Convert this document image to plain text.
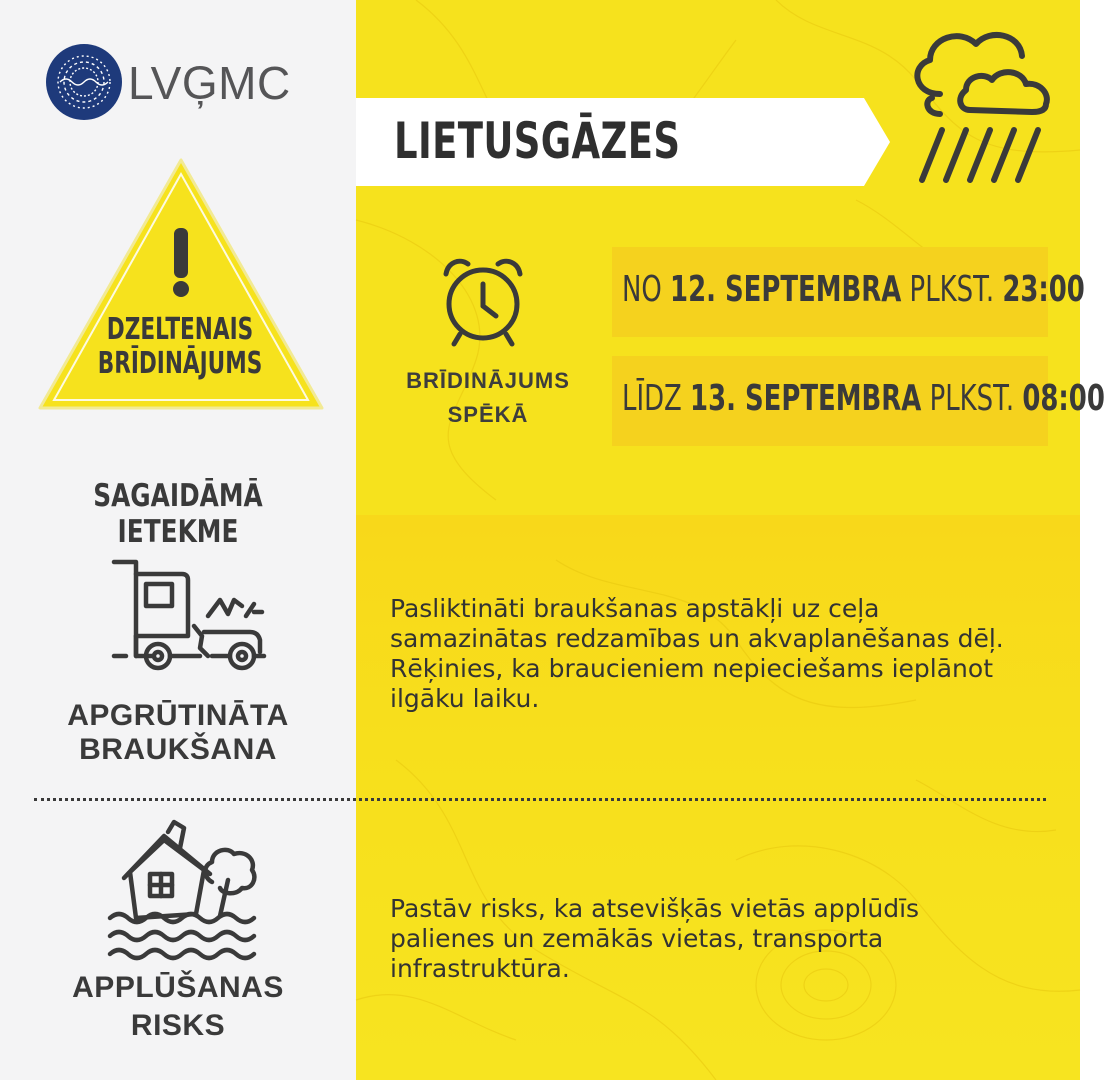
LVĢMC
LIETUSGĀZES
DZELTENAIS
BRĪDINĀJUMS
SAGAIDĀMĀ IETEKME
BRĪDINĀJUMS
SPĒKĀ
NO 12. SEPTEMBRA PLKST. 23:00
LĪDZ 13. SEPTEMBRA PLKST. 08:00
APGRŪTINĀTA
BRAUKŠANA
Pasliktināti braukšanas apstākļi uz ceļa
samazinātas redzamības un akvaplanēšanas dēļ.
Rēķinies, ka braucieniem nepieciešams ieplānot
ilgāku laiku.
APPLŪŠANAS
RISKS
Pastāv risks, ka atsevišķās vietās applūdīs
palienes un zemākās vietas, transporta
infrastruktūra.
